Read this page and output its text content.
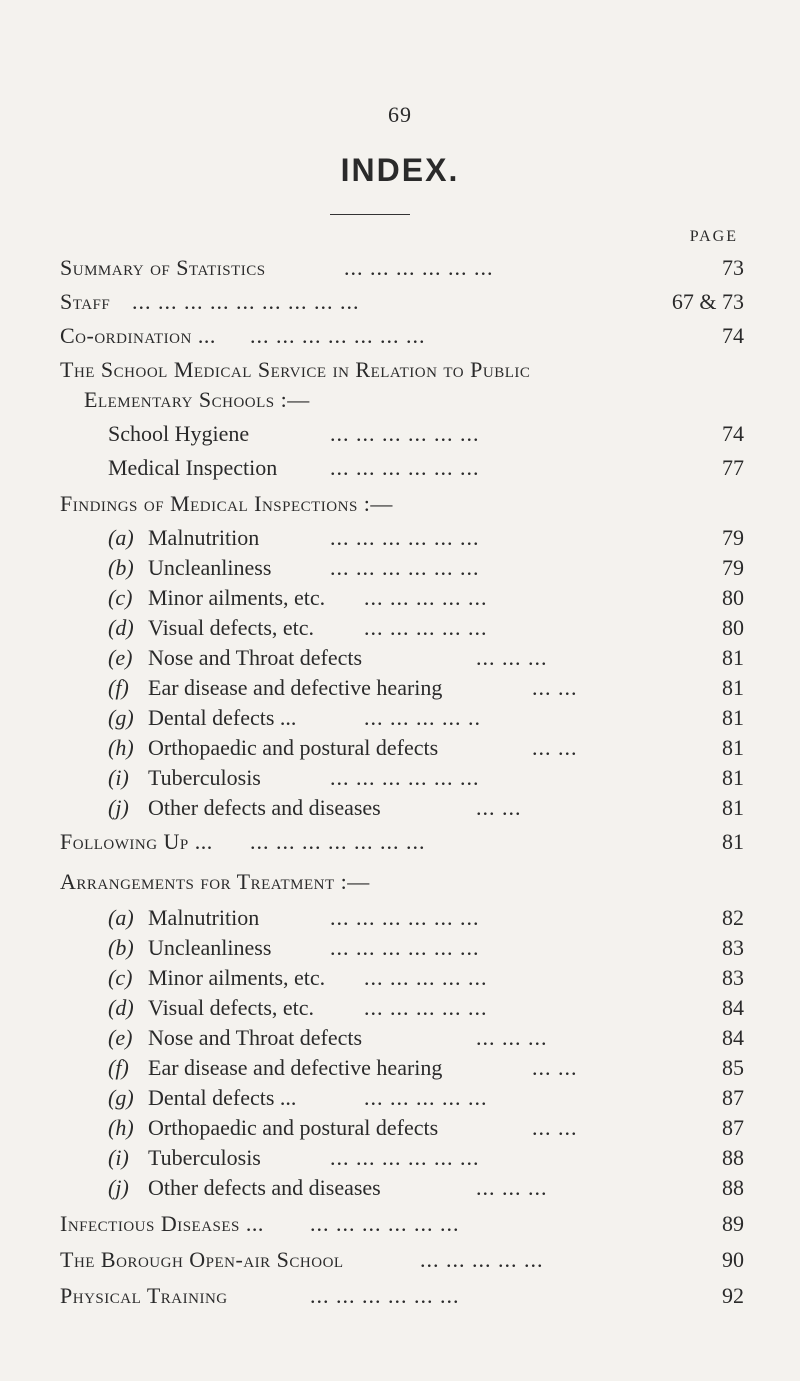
69
INDEX.
PAGE
Summary of Statistics	... ... ... ... ... ...	73
Staff ... ... ... ... ... ... ... ... ...	67 & 73
Co-ordination ... ... ... ... ... ... ... ...	74
The School Medical Service in Relation to Public
Elementary Schools :—
School Hygiene	... ... ... ... ... ...	74
Medical Inspection ... ... ... ... ... ...	77
Findings of Medical Inspections :—
(a) Malnutrition	... ... ... ... ... ...	79
(b) Uncleanliness	... ... ... ... ... ...	79
(c) Minor ailments, etc. ... ... ... ... ...	80
(d) Visual defects, etc. ... ... ... ... ...	80
(e) Nose and Throat defects	... ... ...	81
(f) Ear disease and defective hearing	... ...	81
(g) Dental defects ...	... ... ... ... ..	81
(h) Orthopaedic and postural defects	... ...	81
(i) Tuberculosis	... ... ... ... ... ...	81
(j) Other defects and diseases	... ...	81
Following Up ... ... ... ... ... ... ... ...	81
Arrangements for Treatment :—
(a) Malnutrition	... ... ... ... ... ...	82
(b) Uncleanliness	... ... ... ... ... ...	83
(c) Minor ailments, etc. ... ... ... ... ...	83
(d) Visual defects, etc. ... ... ... ... ...	84
(e) Nose and Throat defects	... ... ...	84
(f) Ear disease and defective hearing	... ...	85
(g) Dental defects ...	... ... ... ... ...	87
(h) Orthopaedic and postural defects	... ...	87
(i) Tuberculosis	... ... ... ... ... ...	88
(j) Other defects and diseases	... ... ...	88
Infectious Diseases ... ... ... ... ... ... ...	89
The Borough Open-air School	... ... ... ... ...	90
Physical Training	... ... ... ... ... ...	92
